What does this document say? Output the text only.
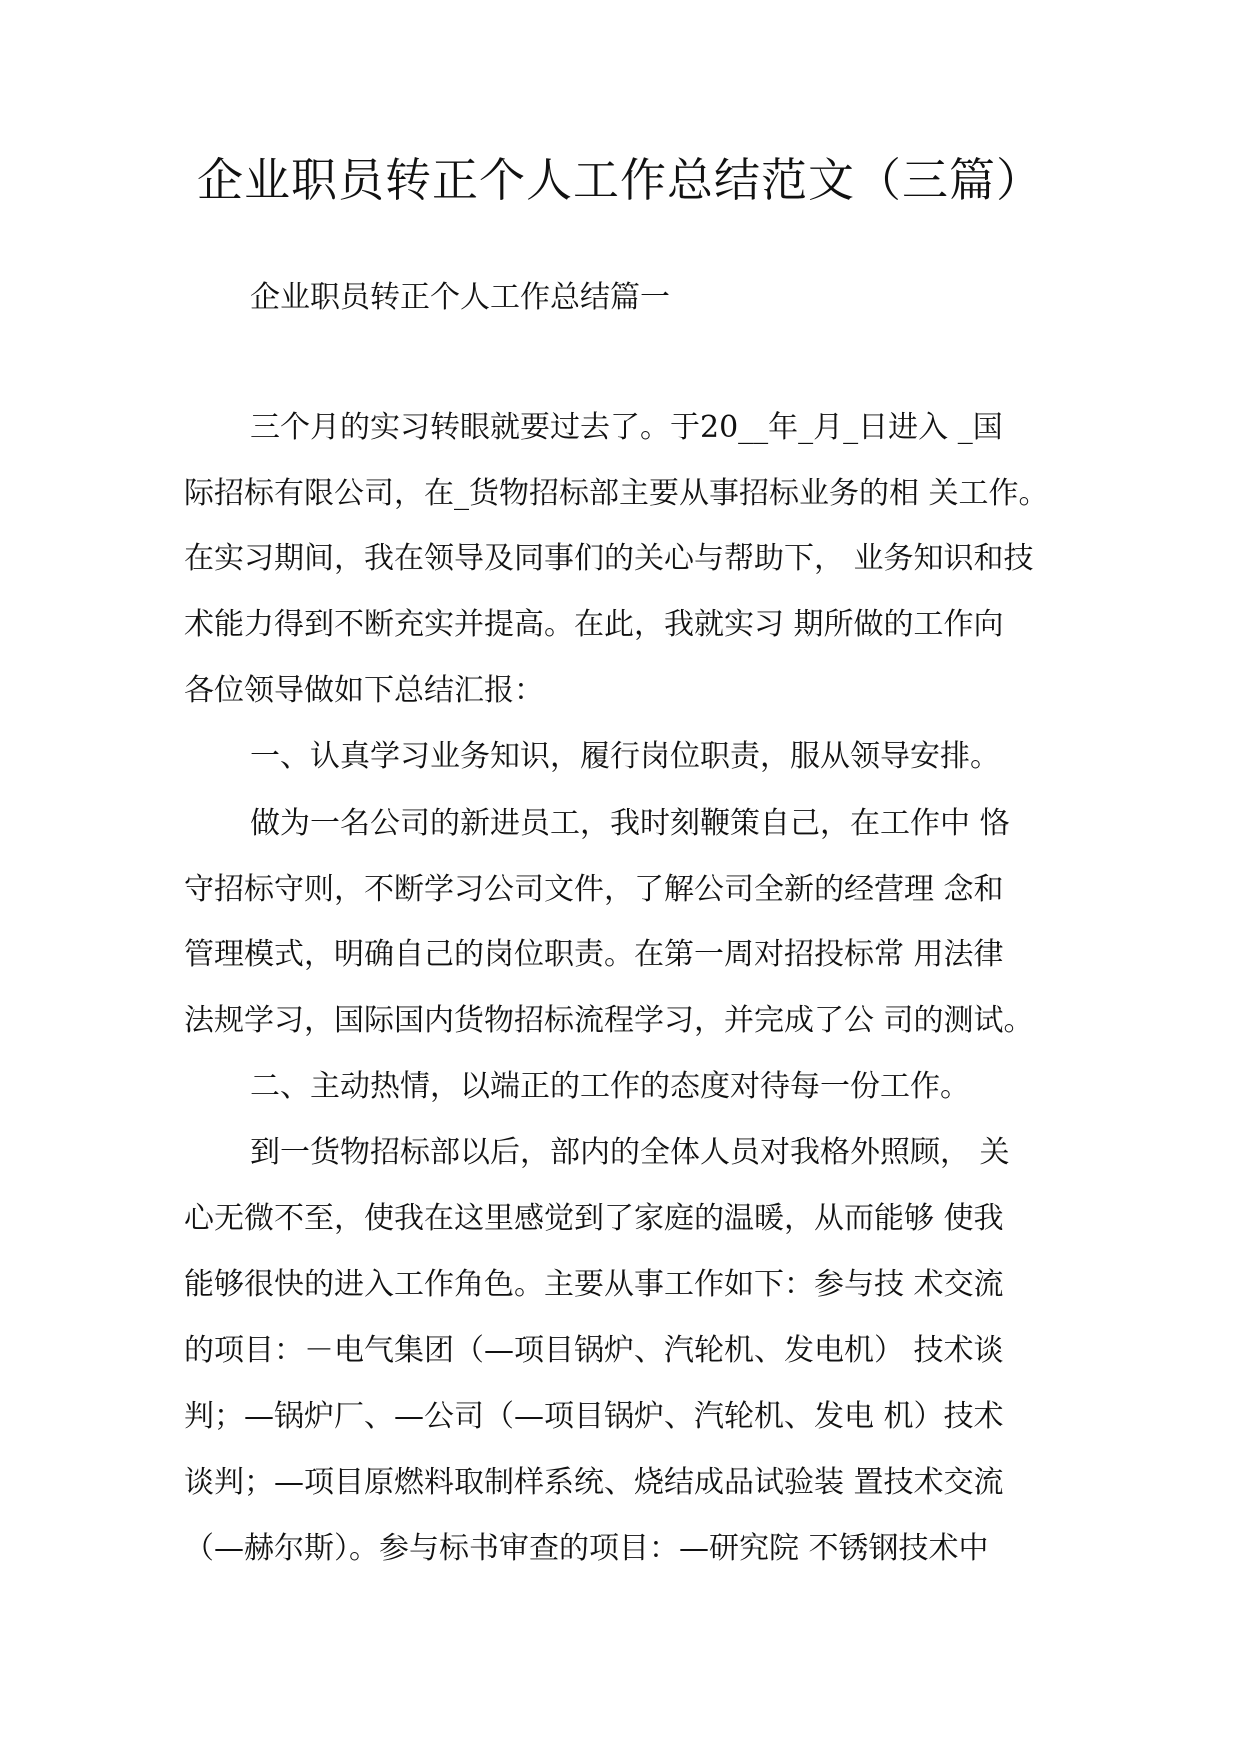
企业职员转正个人工作总结范文（三篇）
企业职员转正个人工作总结篇一
三个月的实习转眼就要过去了。于20__年_月_日进入 _国
际招标有限公司，在_货物招标部主要从事招标业务的相 关工作。
在实习期间，我在领导及同事们的关心与帮助下， 业务知识和技
术能力得到不断充实并提高。在此，我就实习 期所做的工作向
各位领导做如下总结汇报：
一、认真学习业务知识，履行岗位职责，服从领导安排。
做为一名公司的新进员工，我时刻鞭策自己，在工作中 恪
守招标守则，不断学习公司文件，了解公司全新的经营理 念和
管理模式，明确自己的岗位职责。在第一周对招投标常 用法律
法规学习，国际国内货物招标流程学习，并完成了公 司的测试。
二、主动热情，以端正的工作的态度对待每一份工作。
到一货物招标部以后，部内的全体人员对我格外照顾， 关
心无微不至，使我在这里感觉到了家庭的温暖，从而能够 使我
能够很快的进入工作角色。主要从事工作如下：参与技 术交流
的项目：－电气集团（—项目锅炉、汽轮机、发电机） 技术谈
判；—锅炉厂、—公司（—项目锅炉、汽轮机、发电 机）技术
谈判；—项目原燃料取制样系统、烧结成品试验装 置技术交流
（—赫尔斯）。参与标书审查的项目：—研究院 不锈钢技术中
